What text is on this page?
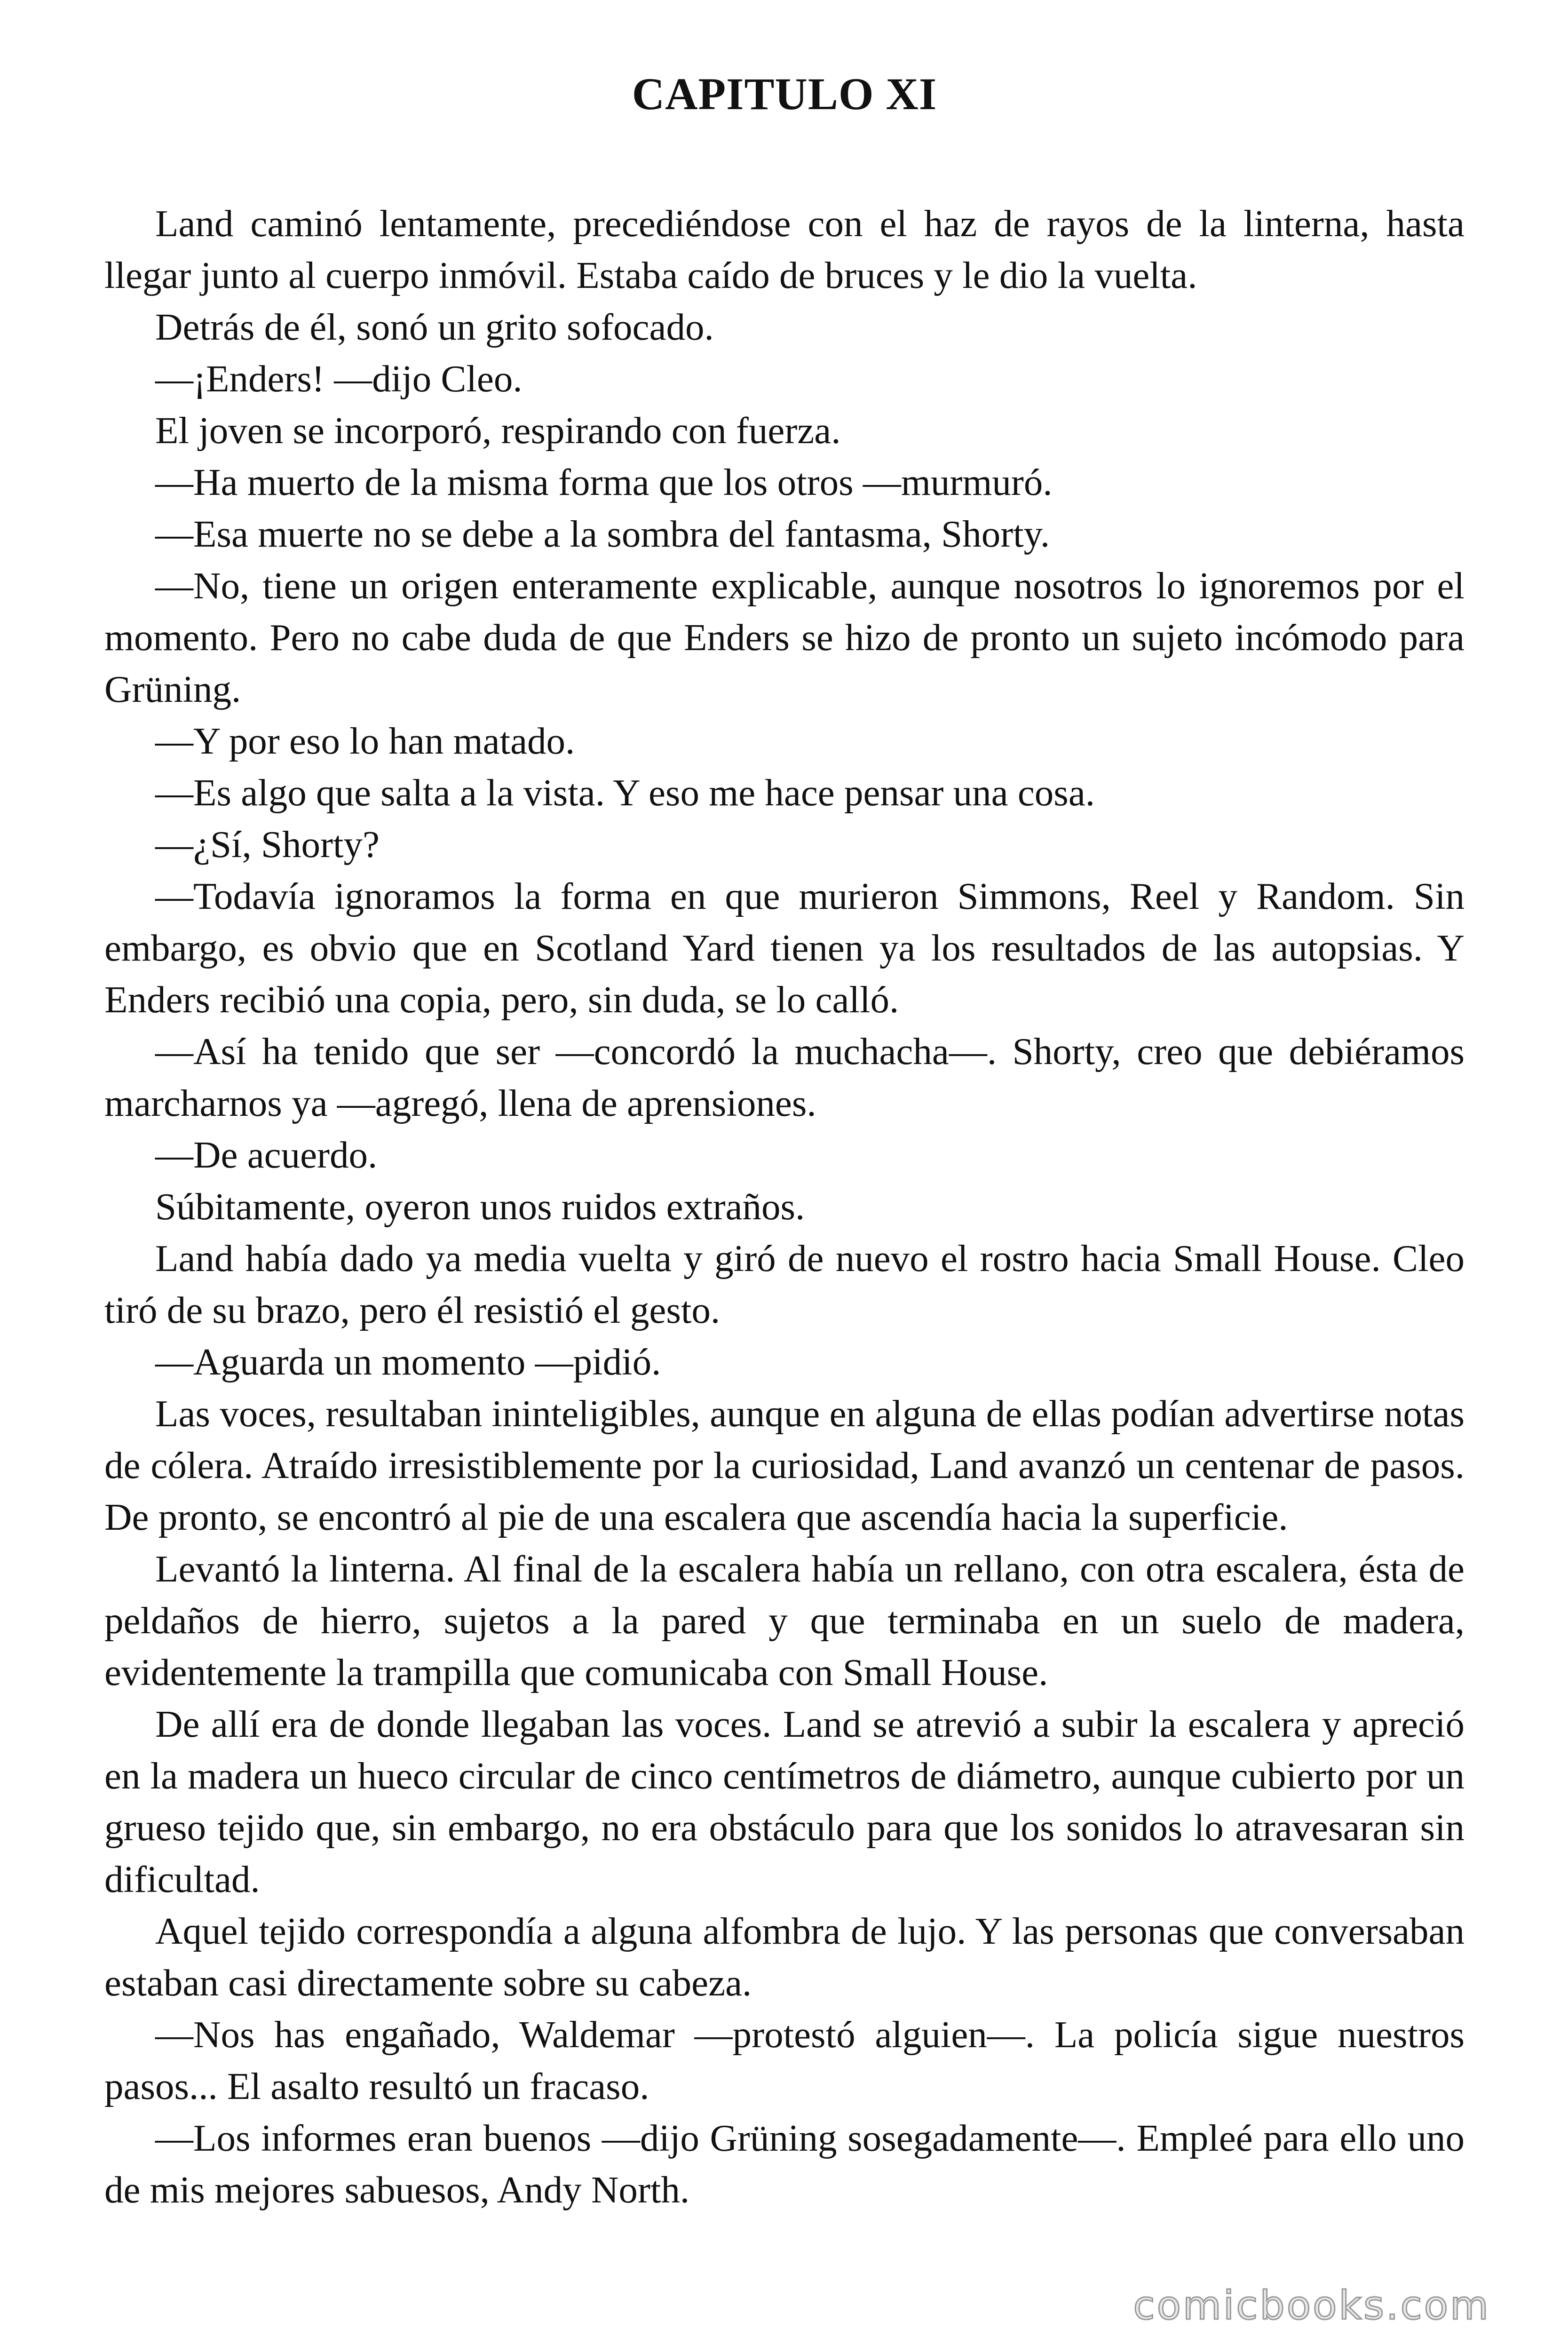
CAPITULO XI

Land caminó lentamente, precediéndose con el haz de rayos de la linterna, hasta llegar junto al cuerpo inmóvil. Estaba caído de bruces y le dio la vuelta.

Detrás de él, sonó un grito sofocado.

—¡Enders! —dijo Cleo.

El joven se incorporó, respirando con fuerza.

—Ha muerto de la misma forma que los otros —murmuró.

—Esa muerte no se debe a la sombra del fantasma, Shorty.

—No, tiene un origen enteramente explicable, aunque nosotros lo ignoremos por el momento. Pero no cabe duda de que Enders se hizo de pronto un sujeto incómodo para Grüning.

—Y por eso lo han matado.

—Es algo que salta a la vista. Y eso me hace pensar una cosa.

—¿Sí, Shorty?

—Todavía ignoramos la forma en que murieron Simmons, Reel y Random. Sin embargo, es obvio que en Scotland Yard tienen ya los resultados de las autopsias. Y Enders recibió una copia, pero, sin duda, se lo calló.

—Así ha tenido que ser —concordó la muchacha—. Shorty, creo que debiéramos marcharnos ya —agregó, llena de aprensiones.

—De acuerdo.

Súbitamente, oyeron unos ruidos extraños.

Land había dado ya media vuelta y giró de nuevo el rostro hacia Small House. Cleo tiró de su brazo, pero él resistió el gesto.

—Aguarda un momento —pidió.

Las voces, resultaban ininteligibles, aunque en alguna de ellas podían advertirse notas de cólera. Atraído irresistiblemente por la curiosidad, Land avanzó un centenar de pasos. De pronto, se encontró al pie de una escalera que ascendía hacia la superficie.

Levantó la linterna. Al final de la escalera había un rellano, con otra escalera, ésta de peldaños de hierro, sujetos a la pared y que terminaba en un suelo de madera, evidentemente la trampilla que comunicaba con Small House.

De allí era de donde llegaban las voces. Land se atrevió a subir la escalera y apreció en la madera un hueco circular de cinco centímetros de diámetro, aunque cubierto por un grueso tejido que, sin embargo, no era obstáculo para que los sonidos lo atravesaran sin dificultad.

Aquel tejido correspondía a alguna alfombra de lujo. Y las personas que conversaban estaban casi directamente sobre su cabeza.

—Nos has engañado, Waldemar —protestó alguien—. La policía sigue nuestros pasos... El asalto resultó un fracaso.

—Los informes eran buenos —dijo Grüning sosegadamente—. Empleé para ello uno de mis mejores sabuesos, Andy North.

comicbooks.com
